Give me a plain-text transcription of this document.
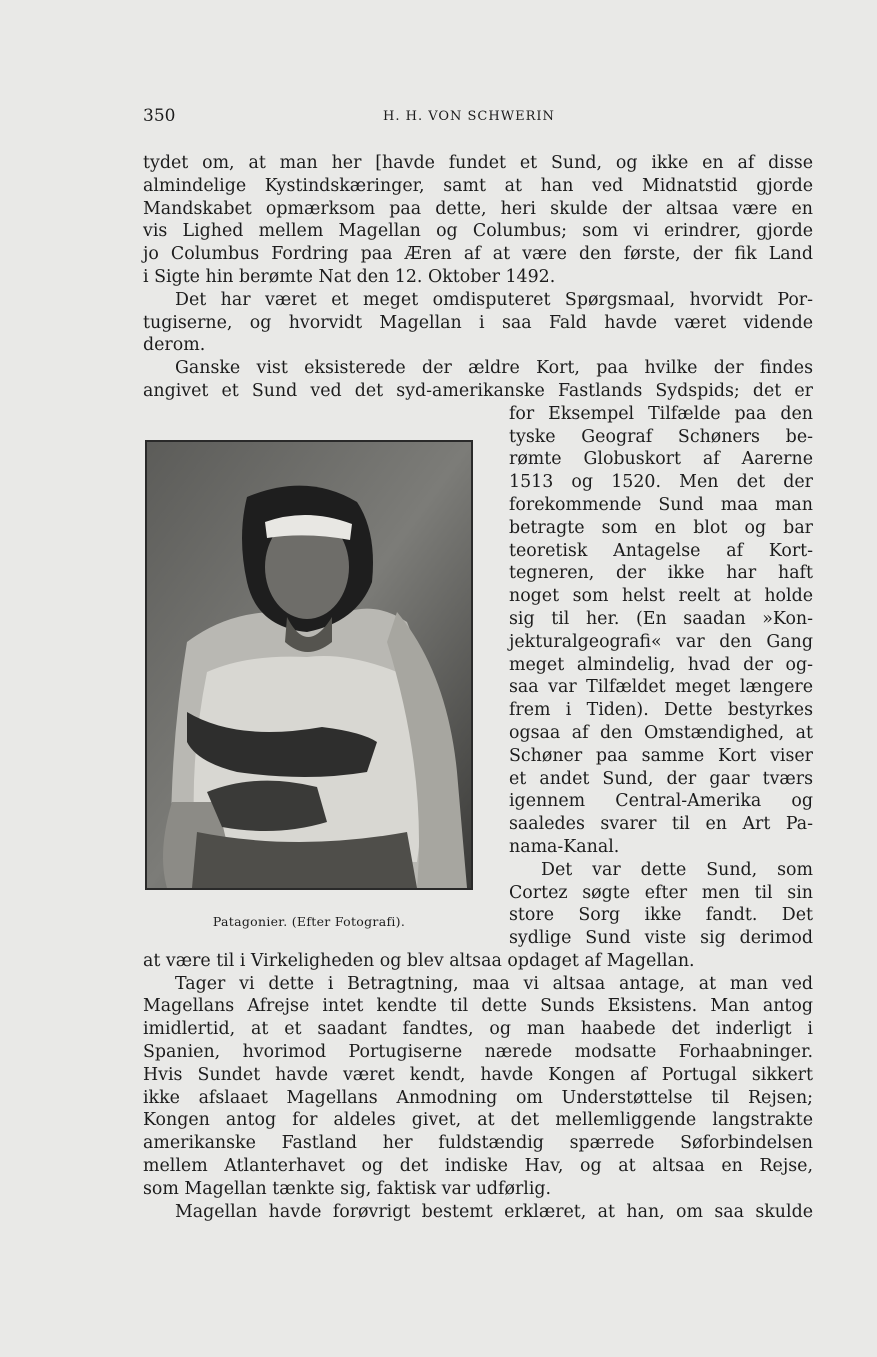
350	H. H. VON SCHWERIN
tydet om, at man her [havde fundet et Sund, og ikke en af disse
almindelige Kystindskæringer, samt at han ved Midnatstid gjorde
Mandskabet opmærksom paa dette, heri skulde der altsaa være en
vis Lighed mellem Magellan og Columbus; som vi erindrer, gjorde
jo Columbus Fordring paa Æren af at være den første, der fik Land
i Sigte hin berømte Nat den 12. Oktober 1492.
Det har været et meget omdisputeret Spørgsmaal, hvorvidt Por-
tugiserne, og hvorvidt Magellan i saa Fald havde været vidende
derom.
Ganske vist eksisterede der ældre Kort, paa hvilke der findes
angivet et Sund ved det syd-amerikanske Fastlands Sydspids; det er
for Eksempel Tilfælde paa den
tyske Geograf Schøners be-
rømte Globuskort af Aarerne
1513 og 1520. Men det der
forekommende Sund maa man
betragte som en blot og bar
teoretisk Antagelse af Kort-
tegneren, der ikke har haft
noget som helst reelt at holde
sig til her. (En saadan »Kon-
jekturalgeografi« var den Gang
meget almindelig, hvad der og-
saa var Tilfældet meget længere
frem i Tiden). Dette bestyrkes
ogsaa af den Omstændighed, at
Schøner paa samme Kort viser
et andet Sund, der gaar tværs
igennem Central-Amerika og
saaledes svarer til en Art Pa-
nama-Kanal.
Det var dette Sund, som
Cortez søgte efter men til sin
store Sorg ikke fandt. Det
sydlige Sund viste sig derimod
at være til i Virkeligheden og blev altsaa opdaget af Magellan.
Tager vi dette i Betragtning, maa vi altsaa antage, at man ved
Magellans Afrejse intet kendte til dette Sunds Eksistens. Man antog
imidlertid, at et saadant fandtes, og man haabede det inderligt i
Spanien, hvorimod Portugiserne nærede modsatte Forhaabninger.
Hvis Sundet havde været kendt, havde Kongen af Portugal sikkert
ikke afslaaet Magellans Anmodning om Understøttelse til Rejsen;
Kongen antog for aldeles givet, at det mellemliggende langstrakte
amerikanske Fastland her fuldstændig spærrede Søforbindelsen
mellem Atlanterhavet og det indiske Hav, og at altsaa en Rejse,
som Magellan tænkte sig, faktisk var udførlig.
Magellan havde forøvrigt bestemt erklæret, at han, om saa skulde
Patagonier. (Efter Fotografi).
